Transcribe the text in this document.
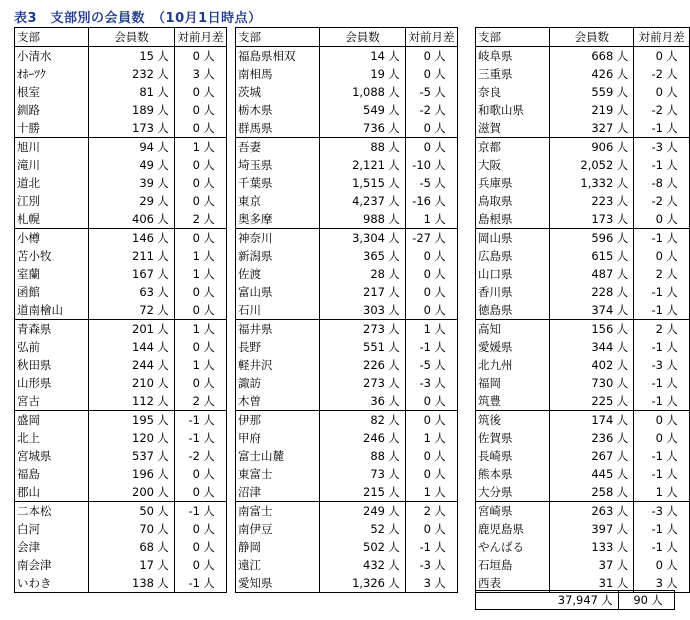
表3　支部別の会員数　（10月1日時点）
支部	会員数	対前月差
小清水	15 人	0 人
ｵﾎｰﾂｸ	232 人	3 人
根室	81 人	0 人
釧路	189 人	0 人
十勝	173 人	0 人
旭川	94 人	1 人
滝川	49 人	0 人
道北	39 人	0 人
江別	29 人	0 人
札幌	406 人	2 人
小樽	146 人	0 人
苫小牧	211 人	1 人
室蘭	167 人	1 人
函館	63 人	0 人
道南檜山	72 人	0 人
青森県	201 人	1 人
弘前	144 人	0 人
秋田県	244 人	1 人
山形県	210 人	0 人
宮古	112 人	2 人
盛岡	195 人	-1 人
北上	120 人	-1 人
宮城県	537 人	-2 人
福島	196 人	0 人
郡山	200 人	0 人
二本松	50 人	-1 人
白河	70 人	0 人
会津	68 人	0 人
南会津	17 人	0 人
いわき	138 人	-1 人
支部	会員数	対前月差
福島県相双	14 人	0 人
南相馬	19 人	0 人
茨城	1,088 人	-5 人
栃木県	549 人	-2 人
群馬県	736 人	0 人
吾妻	88 人	0 人
埼玉県	2,121 人	-10 人
千葉県	1,515 人	-5 人
東京	4,237 人	-16 人
奥多摩	988 人	1 人
神奈川	3,304 人	-27 人
新潟県	365 人	0 人
佐渡	28 人	0 人
富山県	217 人	0 人
石川	303 人	0 人
福井県	273 人	1 人
長野	551 人	-1 人
軽井沢	226 人	-5 人
諏訪	273 人	-3 人
木曽	36 人	0 人
伊那	82 人	0 人
甲府	246 人	1 人
富士山麓	88 人	0 人
東富士	73 人	0 人
沼津	215 人	1 人
南富士	249 人	2 人
南伊豆	52 人	0 人
静岡	502 人	-1 人
遠江	432 人	-3 人
愛知県	1,326 人	3 人
支部	会員数	対前月差
岐阜県	668 人	0 人
三重県	426 人	-2 人
奈良	559 人	0 人
和歌山県	219 人	-2 人
滋賀	327 人	-1 人
京都	906 人	-3 人
大阪	2,052 人	-1 人
兵庫県	1,332 人	-8 人
鳥取県	223 人	-2 人
島根県	173 人	0 人
岡山県	596 人	-1 人
広島県	615 人	0 人
山口県	487 人	2 人
香川県	228 人	-1 人
徳島県	374 人	-1 人
高知	156 人	2 人
愛媛県	344 人	-1 人
北九州	402 人	-3 人
福岡	730 人	-1 人
筑豊	225 人	-1 人
筑後	174 人	0 人
佐賀県	236 人	0 人
長崎県	267 人	-1 人
熊本県	445 人	-1 人
大分県	258 人	1 人
宮崎県	263 人	-3 人
鹿児島県	397 人	-1 人
やんばる	133 人	-1 人
石垣島	37 人	0 人
西表	31 人	3 人
37,947 人	90 人
